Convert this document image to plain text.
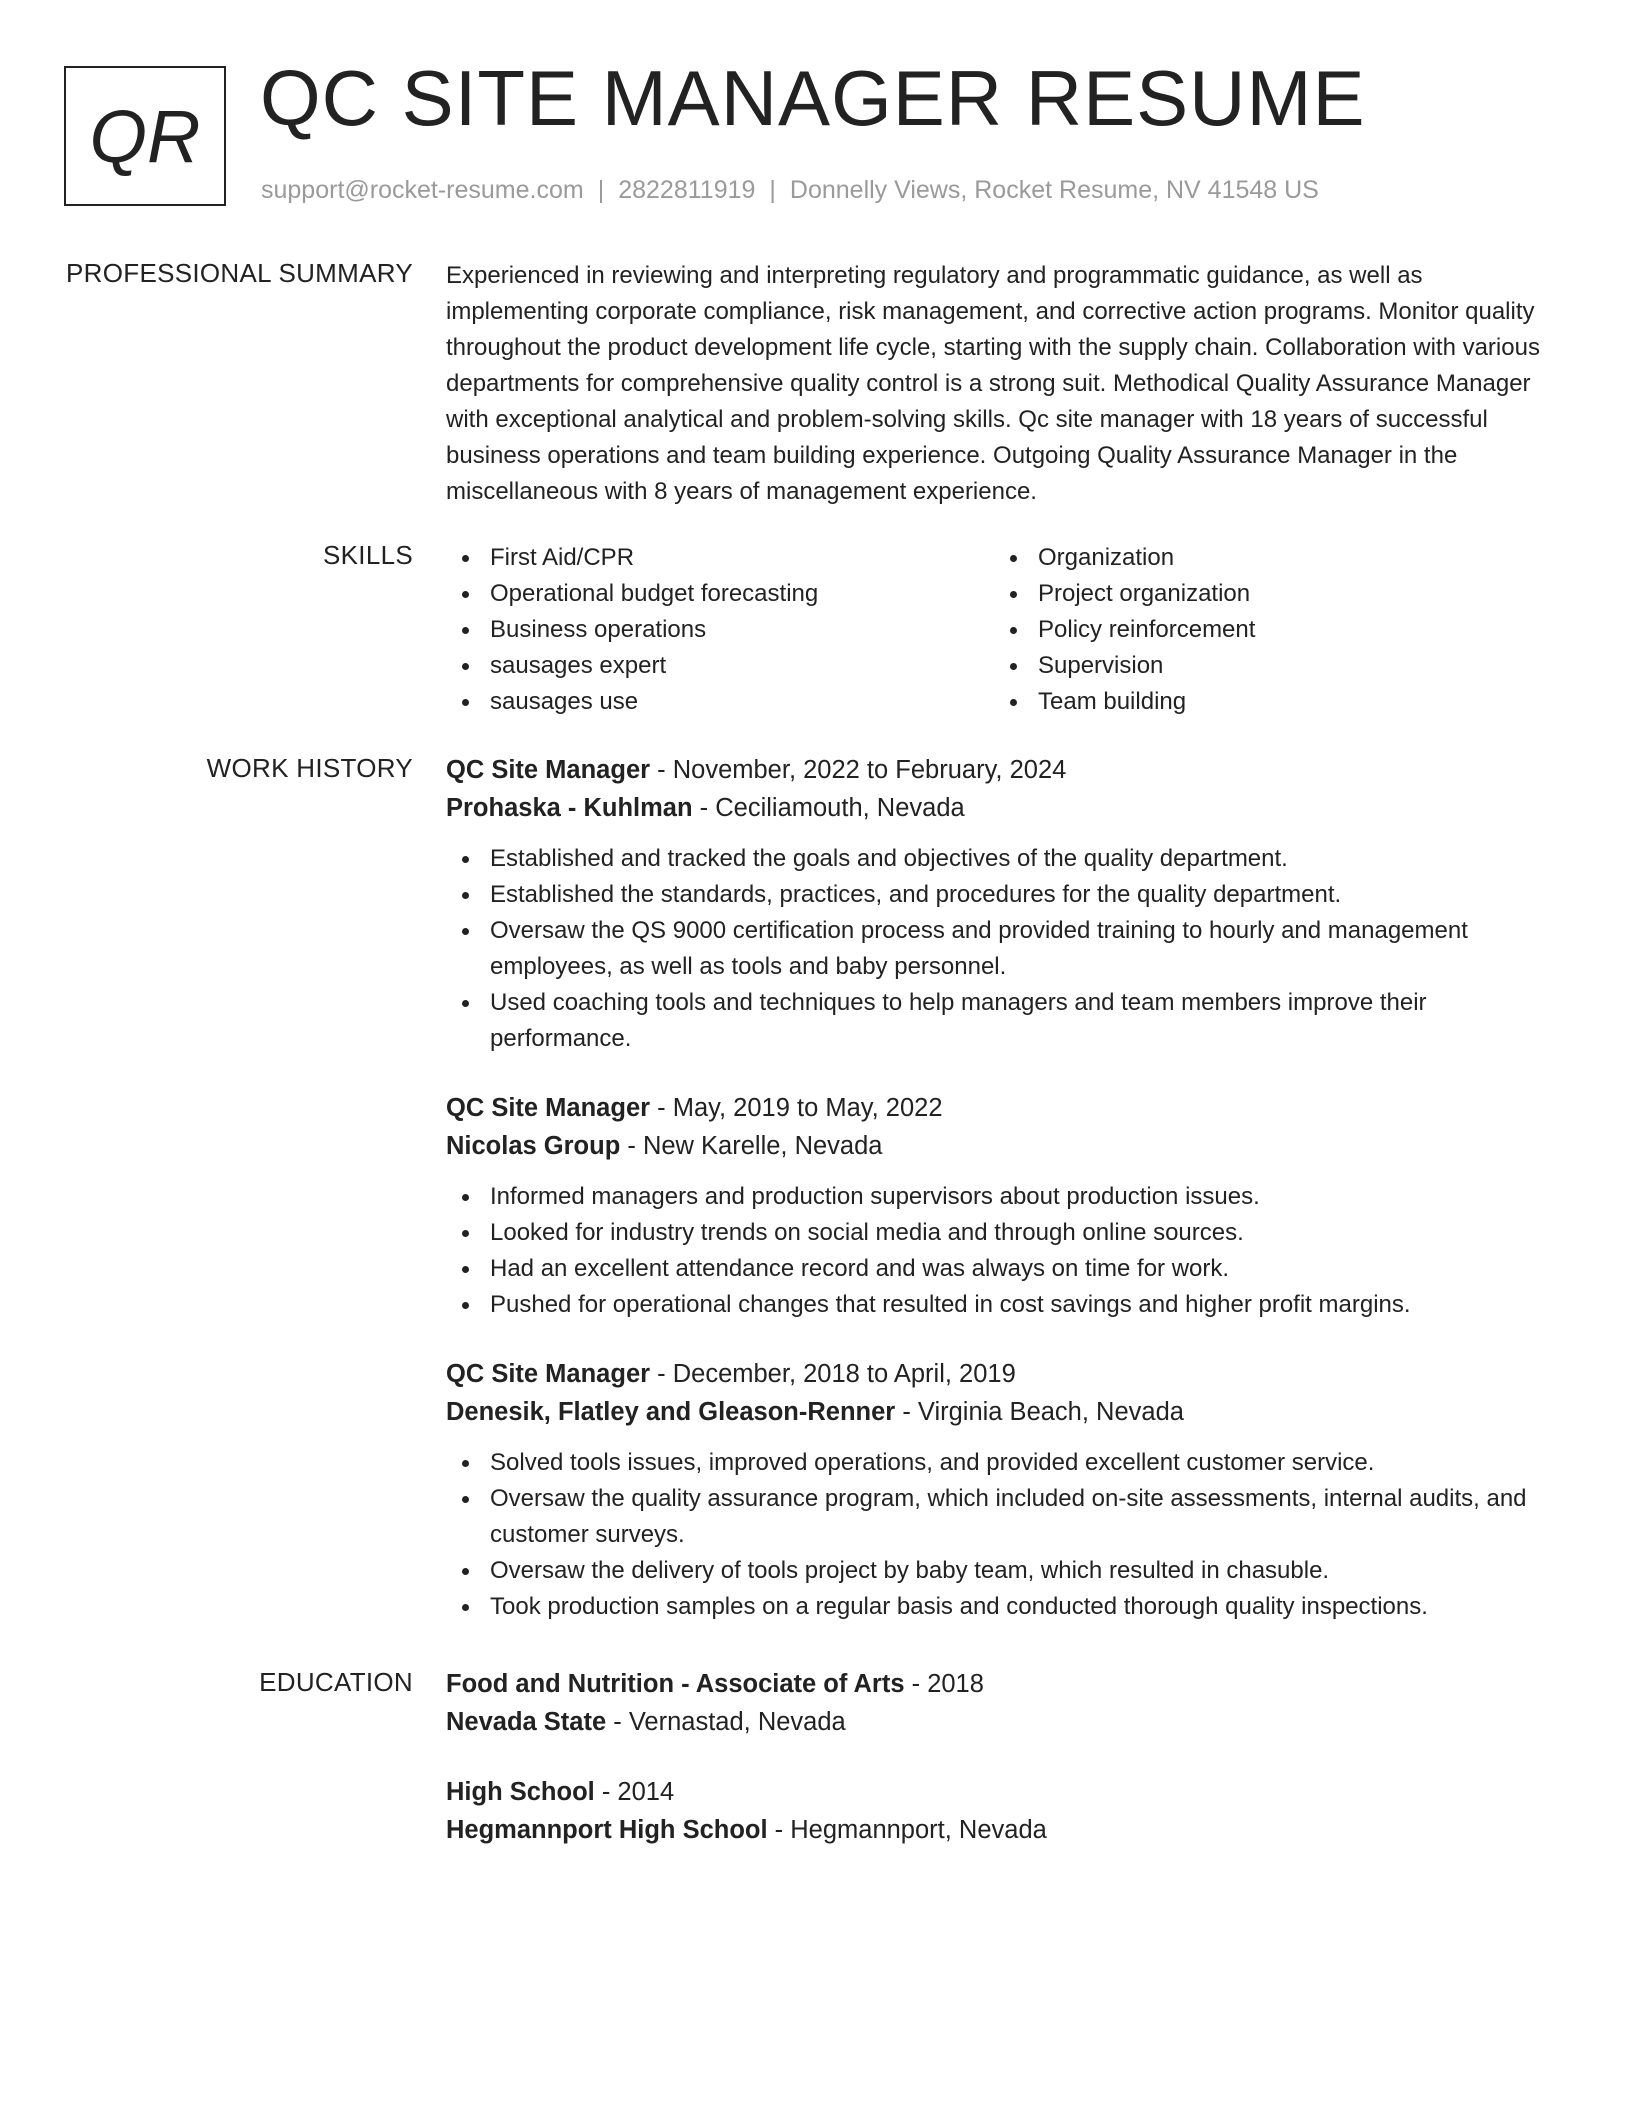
QR QC SITE MANAGER RESUME
support@rocket-resume.com | 2822811919 | Donnelly Views, Rocket Resume, NV 41548 US
PROFESSIONAL SUMMARY Experienced in reviewing and interpreting regulatory and programmatic guidance, as well as implementing corporate compliance, risk management, and corrective action programs. Monitor quality throughout the product development life cycle, starting with the supply chain. Collaboration with various departments for comprehensive quality control is a strong suit. Methodical Quality Assurance Manager with exceptional analytical and problem-solving skills. Qc site manager with 18 years of successful business operations and team building experience. Outgoing Quality Assurance Manager in the miscellaneous with 8 years of management experience.

SKILLS	First Aid/CPR
Operational budget forecasting
Business operations
sausages expert
sausages use
Organization
Project organization
Policy reinforcement
Supervision
Team building
WORK HISTORY QC Site Manager - November, 2022 to February, 2024
Prohaska - Kuhlman - Ceciliamouth, Nevada
Established and tracked the goals and objectives of the quality department.
Established the standards, practices, and procedures for the quality department.
Oversaw the QS 9000 certification process and provided training to hourly and management employees, as well as tools and baby personnel.
Used coaching tools and techniques to help managers and team members improve their performance.
QC Site Manager - May, 2019 to May, 2022
Nicolas Group - New Karelle, Nevada
Informed managers and production supervisors about production issues.
Looked for industry trends on social media and through online sources.
Had an excellent attendance record and was always on time for work.
Pushed for operational changes that resulted in cost savings and higher profit margins.
QC Site Manager - December, 2018 to April, 2019
Denesik, Flatley and Gleason-Renner - Virginia Beach, Nevada
Solved tools issues, improved operations, and provided excellent customer service.
Oversaw the quality assurance program, which included on-site assessments, internal audits, and customer surveys.
Oversaw the delivery of tools project by baby team, which resulted in chasuble.
Took production samples on a regular basis and conducted thorough quality inspections.
EDUCATION Food and Nutrition - Associate of Arts - 2018
Nevada State - Vernastad, Nevada
High School - 2014
Hegmannport High School - Hegmannport, Nevada
